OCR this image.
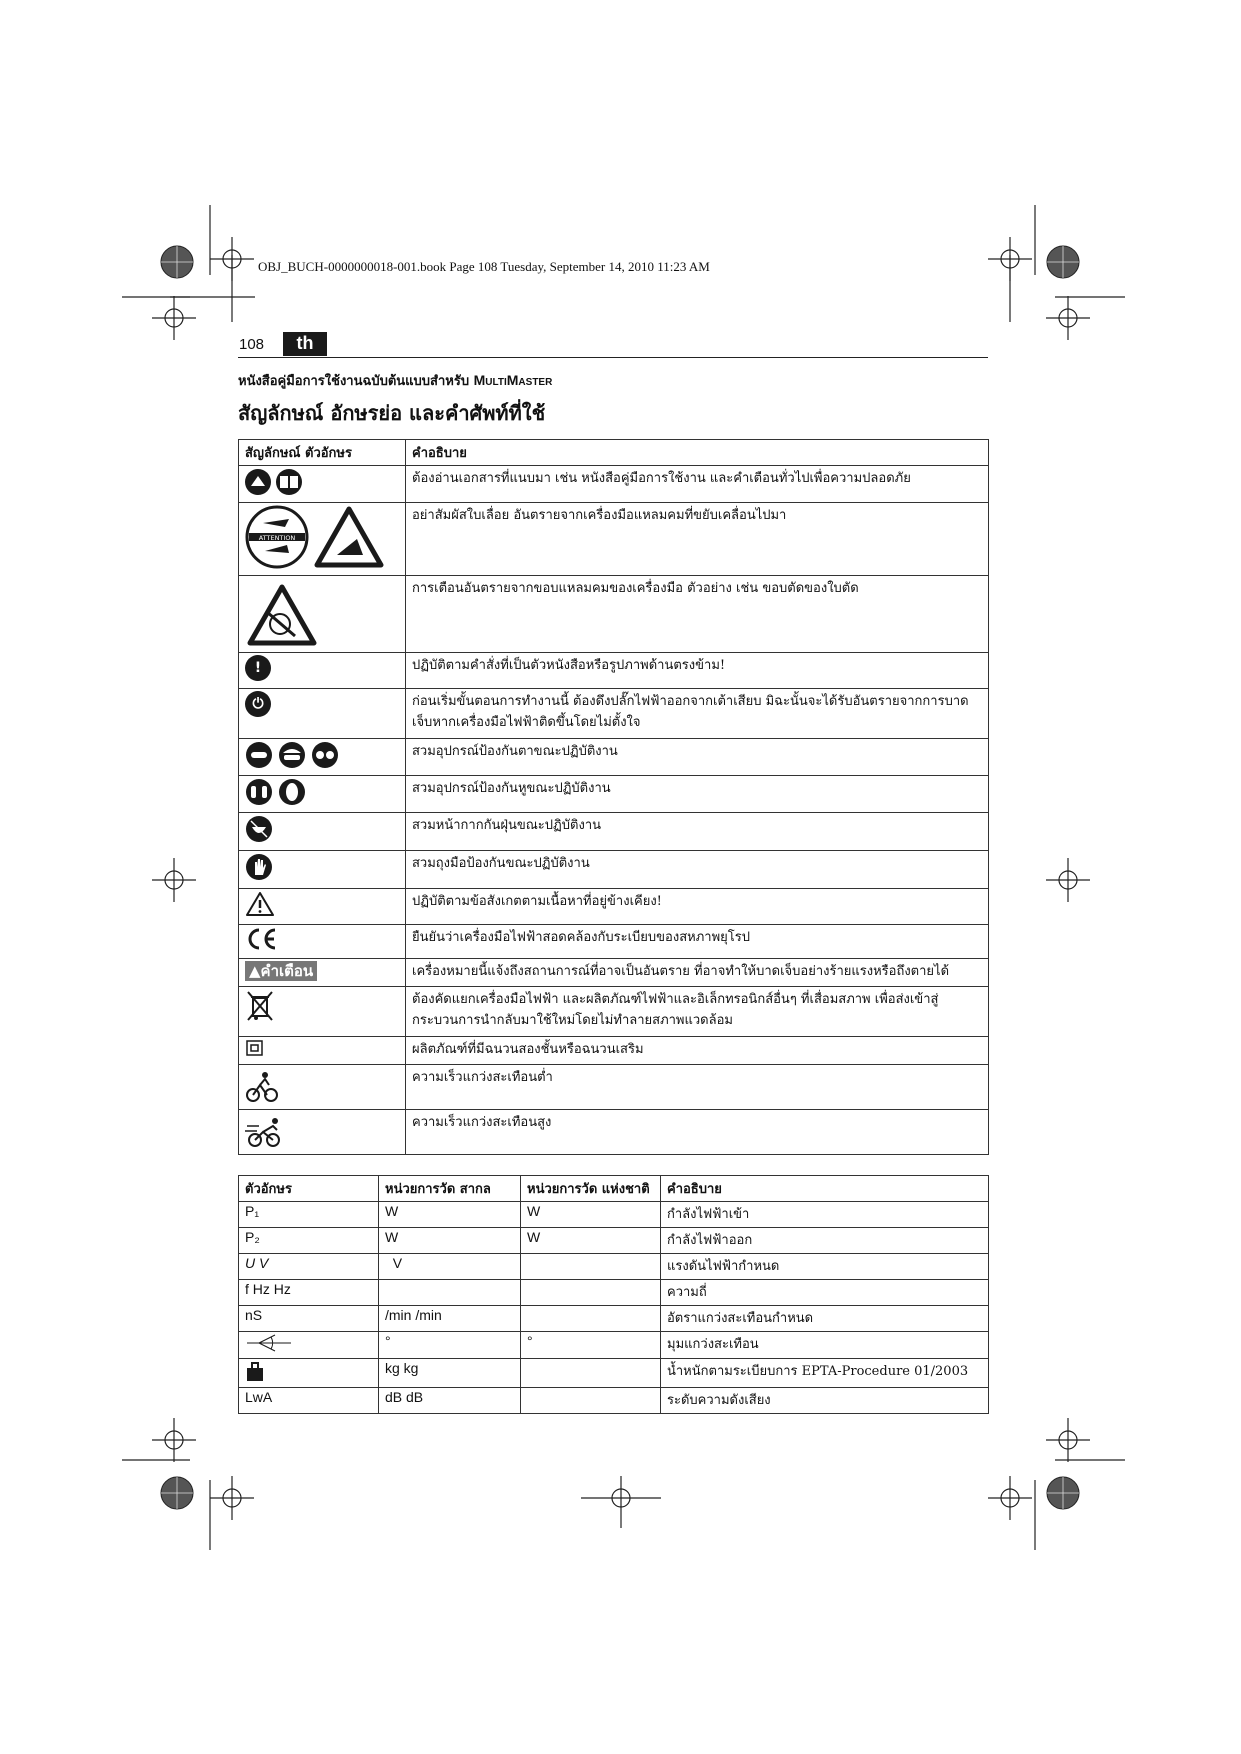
OBJ_BUCH-0000000018-001.book Page 108 Tuesday, September 14, 2010 11:23 AM
108	th
หนังสือคู่มือการใช้งานฉบับต้นแบบสำหรับ MultiMaster
สัญลักษณ์ อักษรย่อ และคำศัพท์ที่ใช้
สัญลักษณ์ ตัวอักษร	คำอธิบาย
	ต้องอ่านเอกสารที่แนบมา เช่น หนังสือคู่มือการใช้งาน และคำเตือนทั่วไปเพื่อความปลอดภัย

ATTENTION	อย่าสัมผัสใบเลื่อย อันตรายจากเครื่องมือแหลมคมที่ขยับเคลื่อนไปมา
	การเตือนอันตรายจากขอบแหลมคมของเครื่องมือ ตัวอย่าง เช่น ขอบตัดของใบตัด
!	ปฏิบัติตามคำสั่งที่เป็นตัวหนังสือหรือรูปภาพด้านตรงข้าม!
⏻	ก่อนเริ่มขั้นตอนการทำงานนี้ ต้องดึงปลั๊กไฟฟ้าออกจากเต้าเสียบ มิฉะนั้นจะได้รับอันตรายจากการบาดเจ็บหากเครื่องมือไฟฟ้าติดขึ้นโดยไม่ตั้งใจ
	สวมอุปกรณ์ป้องกันตาขณะปฏิบัติงาน
	สวมอุปกรณ์ป้องกันหูขณะปฏิบัติงาน
	สวมหน้ากากกันฝุ่นขณะปฏิบัติงาน
	สวมถุงมือป้องกันขณะปฏิบัติงาน
	ปฏิบัติตามข้อสังเกตตามเนื้อหาที่อยู่ข้างเคียง!
	ยืนยันว่าเครื่องมือไฟฟ้าสอดคล้องกับระเบียบของสหภาพยุโรป
▲คำเตือน	เครื่องหมายนี้แจ้งถึงสถานการณ์ที่อาจเป็นอันตราย ที่อาจทำให้บาดเจ็บอย่างร้ายแรงหรือถึงตายได้
	ต้องคัดแยกเครื่องมือไฟฟ้า และผลิตภัณฑ์ไฟฟ้าและอิเล็กทรอนิกส์อื่นๆ ที่เสื่อมสภาพ เพื่อส่งเข้าสู่กระบวนการนำกลับมาใช้ใหม่โดยไม่ทำลายสภาพแวดล้อม
	ผลิตภัณฑ์ที่มีฉนวนสองชั้นหรือฉนวนเสริม
	ความเร็วแกว่งสะเทือนต่ำ
	ความเร็วแกว่งสะเทือนสูง
ตัวอักษร	หน่วยการวัด สากล	หน่วยการวัด แห่งชาติ	คำอธิบาย
P₁	W	W	กำลังไฟฟ้าเข้า
P₂	W	W	กำลังไฟฟ้าออก
U V	V		แรงดันไฟฟ้ากำหนด
f Hz Hz			ความถี่
nS	/min /min		อัตราแกว่งสะเทือนกำหนด
	°	°	มุมแกว่งสะเทือน
	kg kg		น้ำหนักตามระเบียบการ EPTA-Procedure 01/2003
LwA	dB dB		ระดับความดังเสียง
